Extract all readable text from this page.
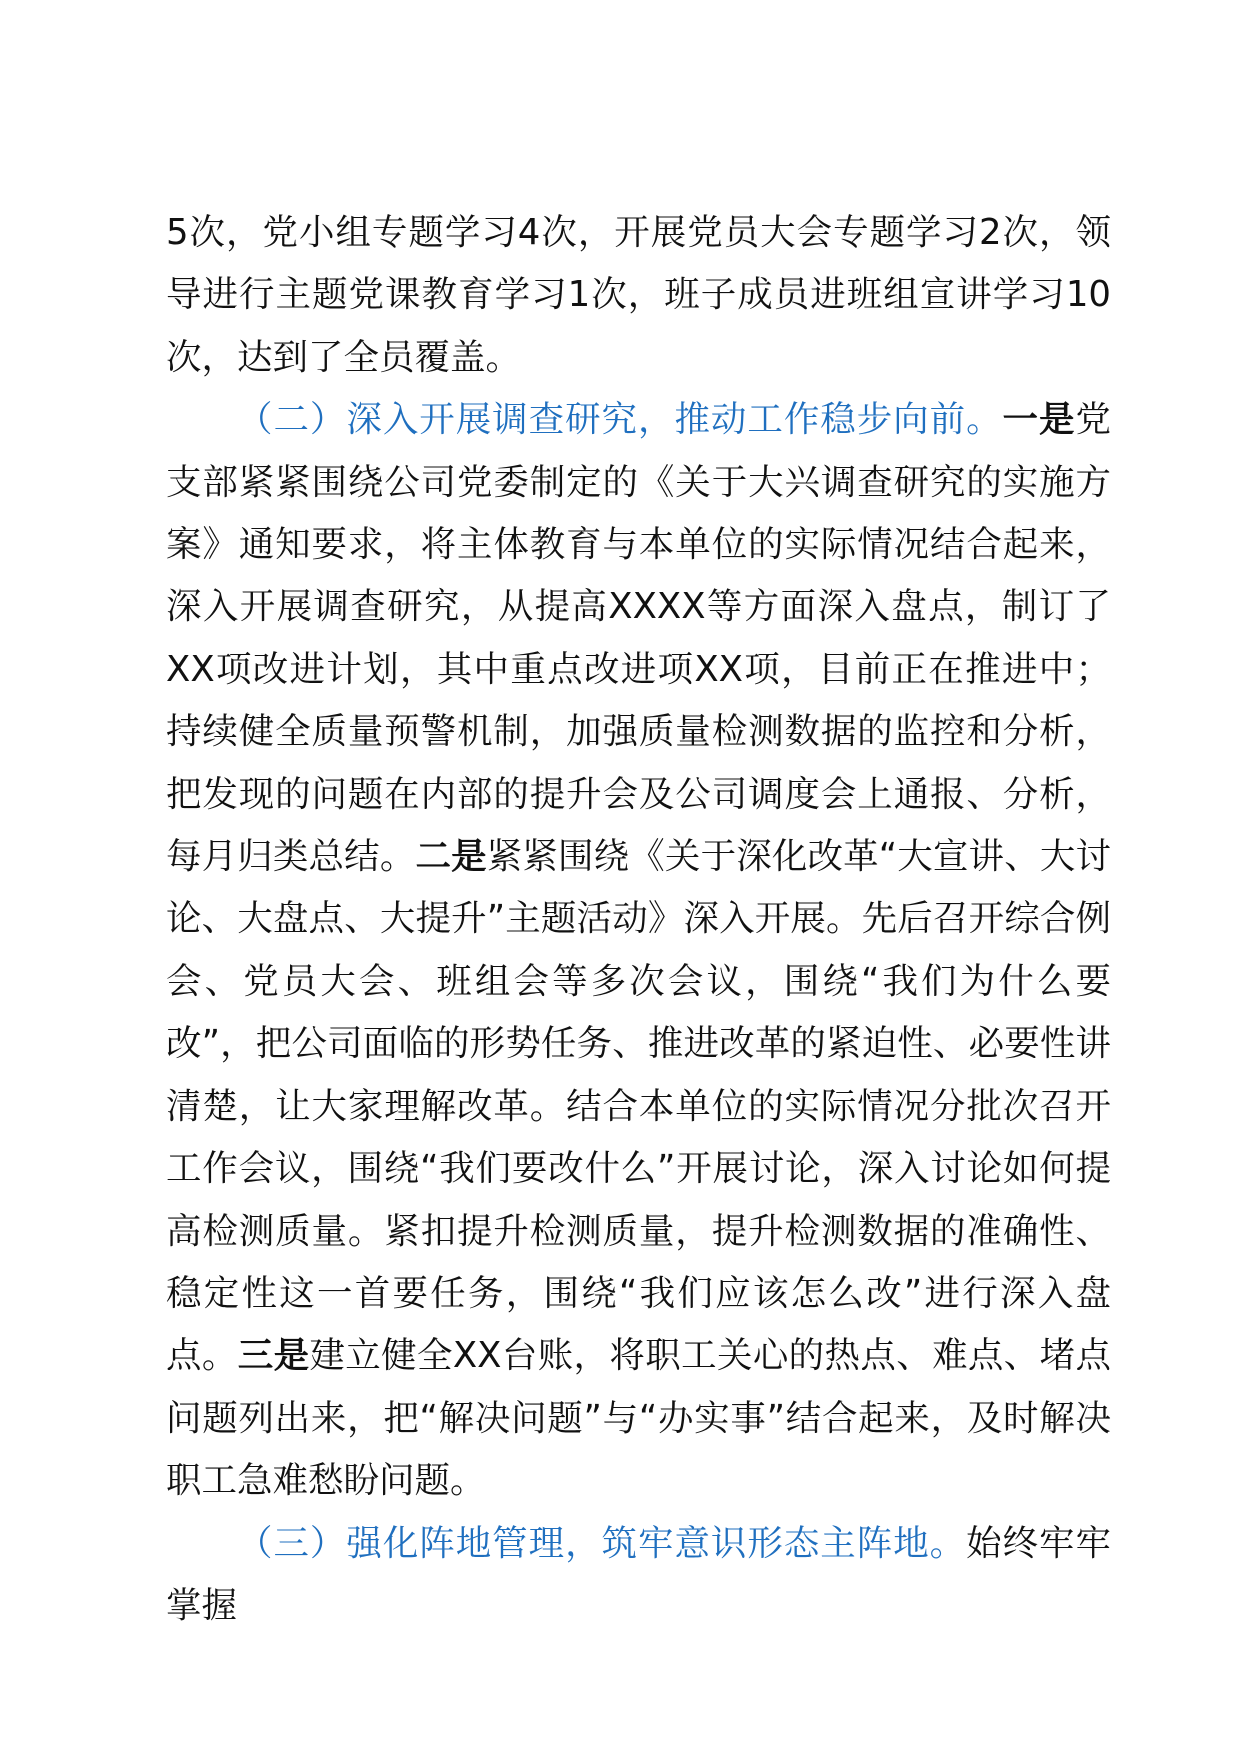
5次，党小组专题学习4次，开展党员大会专题学习2次，领导进行主题党课教育学习1次，班子成员进班组宣讲学习10次，达到了全员覆盖。

（二）深入开展调查研究，推动工作稳步向前。一是党支部紧紧围绕公司党委制定的《关于大兴调查研究的实施方案》通知要求，将主体教育与本单位的实际情况结合起来，深入开展调查研究，从提高XXXX等方面深入盘点，制订了XX项改进计划，其中重点改进项XX项，目前正在推进中；持续健全质量预警机制，加强质量检测数据的监控和分析，把发现的问题在内部的提升会及公司调度会上通报、分析，每月归类总结。二是紧紧围绕《关于深化改革“大宣讲、大讨论、大盘点、大提升”主题活动》深入开展。先后召开综合例会、党员大会、班组会等多次会议，围绕“我们为什么要改”，把公司面临的形势任务、推进改革的紧迫性、必要性讲清楚，让大家理解改革。结合本单位的实际情况分批次召开工作会议，围绕“我们要改什么”开展讨论，深入讨论如何提高检测质量。紧扣提升检测质量，提升检测数据的准确性、稳定性这一首要任务，围绕“我们应该怎么改”进行深入盘点。三是建立健全XX台账，将职工关心的热点、难点、堵点问题列出来，把“解决问题”与“办实事”结合起来，及时解决职工急难愁盼问题。

（三）强化阵地管理，筑牢意识形态主阵地。始终牢牢掌握
